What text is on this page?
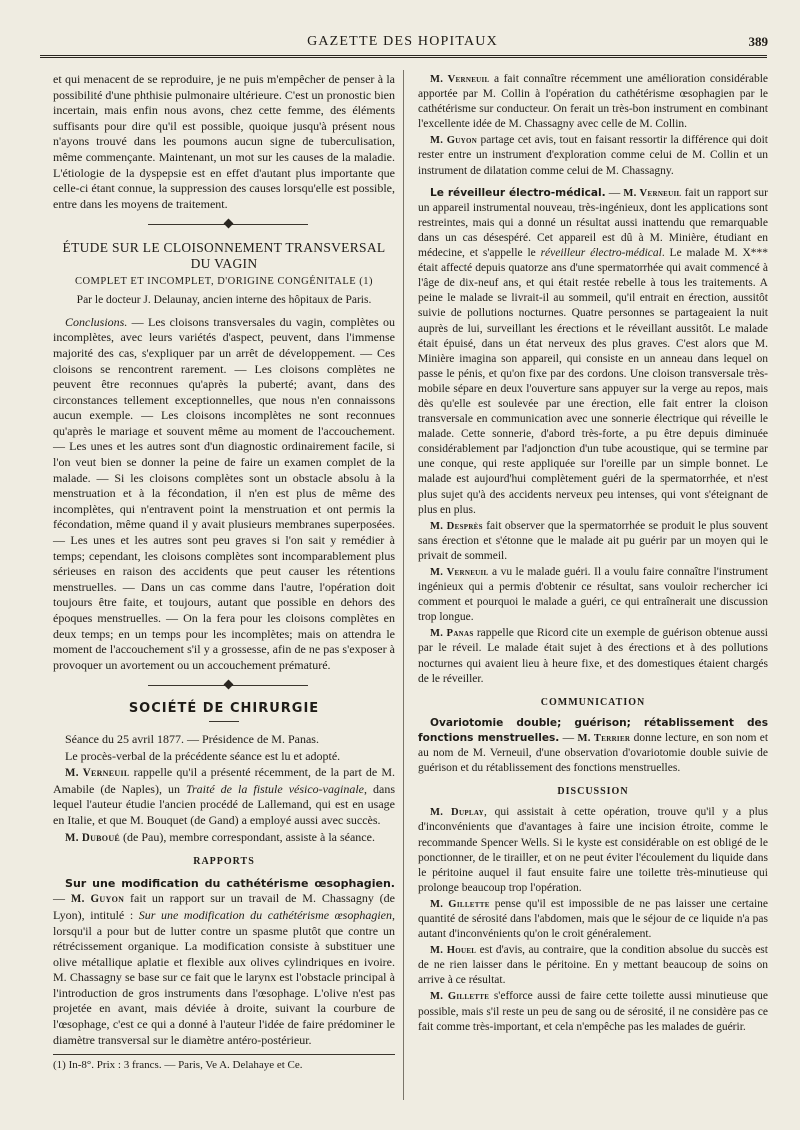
GAZETTE DES HOPITAUX	389

et qui menacent de se reproduire, je ne puis m'empêcher de penser à la possibilité d'une phthisie pulmonaire ultérieure. C'est un pronostic bien incertain, mais enfin nous avons, chez cette femme, des éléments suffisants pour dire qu'il est possible, quoique jusqu'à présent nous n'ayons trouvé dans les poumons aucun signe de tuberculisation, même commençante. Maintenant, un mot sur les causes de la maladie. L'étiologie de la dyspepsie est en effet d'autant plus importante que celle-ci étant connue, la suppression des causes lorsqu'elle est possible, entre dans les moyens de traitement.

ÉTUDE SUR LE CLOISONNEMENT TRANSVERSAL DU VAGIN
COMPLET ET INCOMPLET, D'ORIGINE CONGÉNITALE (1)
Par le docteur J. Delaunay, ancien interne des hôpitaux de Paris.

Conclusions. — Les cloisons transversales du vagin, complètes ou incomplètes, avec leurs variétés d'aspect, peuvent, dans l'immense majorité des cas, s'expliquer par un arrêt de développement. — Ces cloisons se rencontrent rarement. — Les cloisons complètes ne peuvent être reconnues qu'après la puberté; avant, dans des circonstances tellement exceptionnelles, que nous n'en connaissons aucun exemple. — Les cloisons incomplètes ne sont reconnues qu'après le mariage et souvent même au moment de l'accouchement. — Les unes et les autres sont d'un diagnostic ordinairement facile, si l'on veut bien se donner la peine de faire un examen complet de la malade. — Si les cloisons complètes sont un obstacle absolu à la menstruation et à la fécondation, il n'en est plus de même des incomplètes, qui n'entravent point la menstruation et ont permis la fécondation, même quand il y avait plusieurs membranes superposées. — Les unes et les autres sont peu graves si l'on sait y remédier à temps; cependant, les cloisons complètes sont incomparablement plus sérieuses en raison des accidents que peut causer les rétentions menstruelles. — Dans un cas comme dans l'autre, l'opération doit toujours être faite, et toujours, autant que possible en dehors des époques menstruelles. — On la fera pour les cloisons complètes en deux temps; en un temps pour les incomplètes; mais on attendra le moment de l'accouchement s'il y a grossesse, afin de ne pas s'exposer à provoquer un avortement ou un accouchement prématuré.

SOCIÉTÉ DE CHIRURGIE

Séance du 25 avril 1877. — Présidence de M. Panas.

Le procès-verbal de la précédente séance est lu et adopté.

M. Verneuil rappelle qu'il a présenté récemment, de la part de M. Amabile (de Naples), un Traité de la fistule vésico-vaginale, dans lequel l'auteur étudie l'ancien procédé de Lallemand, qui est en usage en Italie, et que M. Bouquet (de Gand) a employé aussi avec succès.

M. Duboué (de Pau), membre correspondant, assiste à la séance.

RAPPORTS

Sur une modification du cathétérisme œsophagien. — M. Guyon fait un rapport sur un travail de M. Chassagny (de Lyon), intitulé : Sur une modification du cathétérisme œsophagien, lorsqu'il a pour but de lutter contre un spasme plutôt que contre un rétrécissement organique. La modification consiste à substituer une olive métallique aplatie et flexible aux olives cylindriques en ivoire. M. Chassagny se base sur ce fait que le larynx est l'obstacle principal à l'introduction de gros instruments dans l'œsophage. L'olive n'est pas projetée en avant, mais déviée à droite, suivant la courbure de l'œsophage, c'est ce qui a donné à l'auteur l'idée de faire prédominer le diamètre transversal sur le diamètre antéro-postérieur.

(1) In-8°. Prix : 3 francs. — Paris, Ve A. Delahaye et Ce.

M. Verneuil a fait connaître récemment une amélioration considérable apportée par M. Collin à l'opération du cathétérisme œsophagien par le cathétérisme sur conducteur. On ferait un très-bon instrument en combinant l'excellente idée de M. Chassagny avec celle de M. Collin.

M. Guyon partage cet avis, tout en faisant ressortir la différence qui doit rester entre un instrument d'exploration comme celui de M. Collin et un instrument de dilatation comme celui de M. Chassagny.

Le réveilleur électro-médical. — M. Verneuil fait un rapport sur un appareil instrumental nouveau, très-ingénieux, dont les applications sont restreintes, mais qui a donné un résultat aussi inattendu que remarquable dans un cas désespéré. Cet appareil est dû à M. Minière, étudiant en médecine, et s'appelle le réveilleur électro-médical. Le malade M. X*** était affecté depuis quatorze ans d'une spermatorrhée qui avait commencé à l'âge de dix-neuf ans, et qui était restée rebelle à tous les traitements. A peine le malade se livrait-il au sommeil, qu'il entrait en érection, aussitôt suivie de pollutions nocturnes. Quatre personnes se partageaient la nuit auprès de lui, surveillant les érections et le réveillant aussitôt. Le malade était épuisé, dans un état nerveux des plus graves. C'est alors que M. Minière imagina son appareil, qui consiste en un anneau dans lequel on passe le pénis, et qu'on fixe par des cordons. Une cloison transversale très-mobile sépare en deux l'ouverture sans appuyer sur la verge au repos, mais dès qu'elle est soulevée par une érection, elle fait entrer la cloison transversale en communication avec une sonnerie électrique qui réveille le malade. Cette sonnerie, d'abord très-forte, a pu être depuis diminuée considérablement par l'adjonction d'un tube acoustique, qui se termine par une conque, qui reste appliquée sur l'oreille par un simple bonnet. Le malade est aujourd'hui complètement guéri de la spermatorrhée, et n'est plus sujet qu'à des accidents nerveux peu intenses, qui vont s'éteignant de plus en plus.

M. Desprès fait observer que la spermatorrhée se produit le plus souvent sans érection et s'étonne que le malade ait pu guérir par un moyen qui le privait de sommeil.

M. Verneuil a vu le malade guéri. Il a voulu faire connaître l'instrument ingénieux qui a permis d'obtenir ce résultat, sans vouloir rechercher ici comment et pourquoi le malade a guéri, ce qui entraînerait une discussion trop longue.

M. Panas rappelle que Ricord cite un exemple de guérison obtenue aussi par le réveil. Le malade était sujet à des érections et à des pollutions nocturnes qui avaient lieu à heure fixe, et des domestiques étaient chargés de le réveiller.

COMMUNICATION

Ovariotomie double; guérison; rétablissement des fonctions menstruelles. — M. Terrier donne lecture, en son nom et au nom de M. Verneuil, d'une observation d'ovariotomie double suivie de guérison et du rétablissement des fonctions menstruelles.

DISCUSSION

M. Duplay, qui assistait à cette opération, trouve qu'il y a plus d'inconvénients que d'avantages à faire une incision étroite, comme le recommande Spencer Wells. Si le kyste est considérable on est obligé de le ponctionner, de le tirailler, et on ne peut éviter l'écoulement du liquide dans le péritoine auquel il faut ensuite faire une toilette très-minutieuse qui prolonge beaucoup trop l'opération.

M. Gillette pense qu'il est impossible de ne pas laisser une certaine quantité de sérosité dans l'abdomen, mais que le séjour de ce liquide n'a pas autant d'inconvénients qu'on le croit généralement.

M. Houel est d'avis, au contraire, que la condition absolue du succès est de ne rien laisser dans le péritoine. En y mettant beaucoup de soins on arrive à ce résultat.

M. Gillette s'efforce aussi de faire cette toilette aussi minutieuse que possible, mais s'il reste un peu de sang ou de sérosité, il ne considère pas ce fait comme très-important, et cela n'empêche pas les malades de guérir.
